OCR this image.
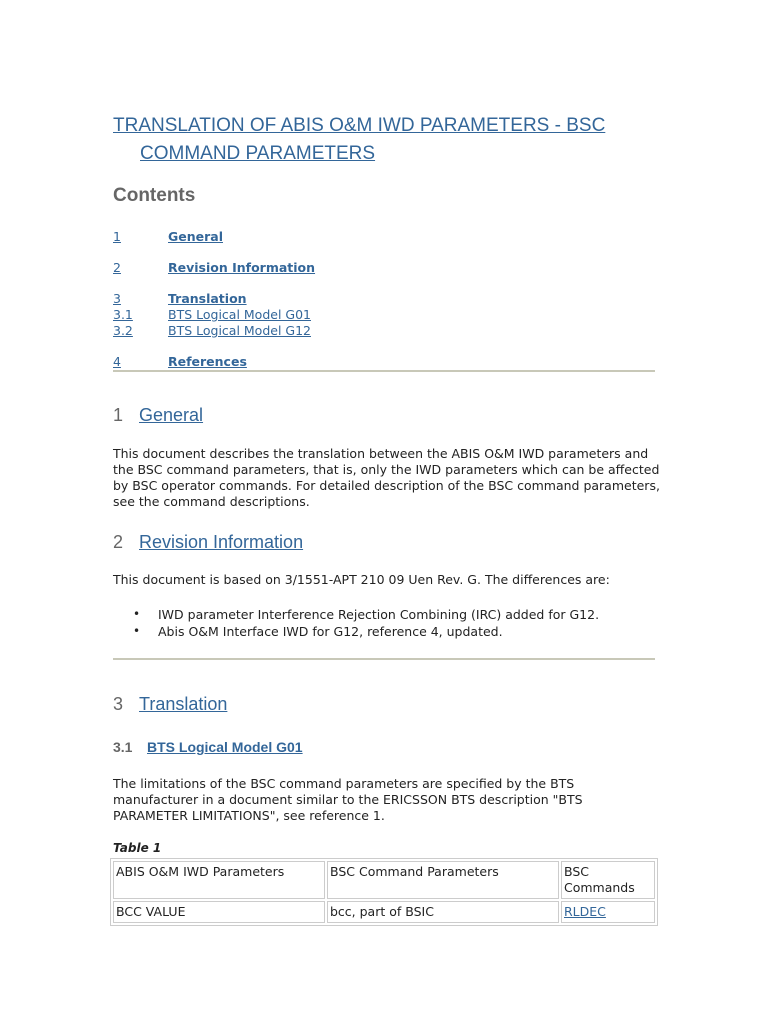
TRANSLATION OF ABIS O&M IWD PARAMETERS - BSC
COMMAND PARAMETERS
Contents
1	General
2	Revision Information
3	Translation
3.1	BTS Logical Model G01
3.2	BTS Logical Model G12
4	References
1 General

This document describes the translation between the ABIS O&M IWD parameters and the BSC command parameters, that is, only the IWD parameters which can be affected by BSC operator commands. For detailed description of the BSC command parameters, see the command descriptions.

2 Revision Information

This document is based on 3/1551-APT 210 09 Uen Rev. G. The differences are:

• IWD parameter Interference Rejection Combining (IRC) added for G12.
• Abis O&M Interface IWD for G12, reference 4, updated.
3 Translation
3.1 BTS Logical Model G01

The limitations of the BSC command parameters are specified by the BTS manufacturer in a document similar to the ERICSSON BTS description "BTS PARAMETER LIMITATIONS", see reference 1.

Table 1
ABIS O&M IWD Parameters	BSC Command Parameters	BSC Commands
BCC VALUE	bcc, part of BSIC	RLDEC
